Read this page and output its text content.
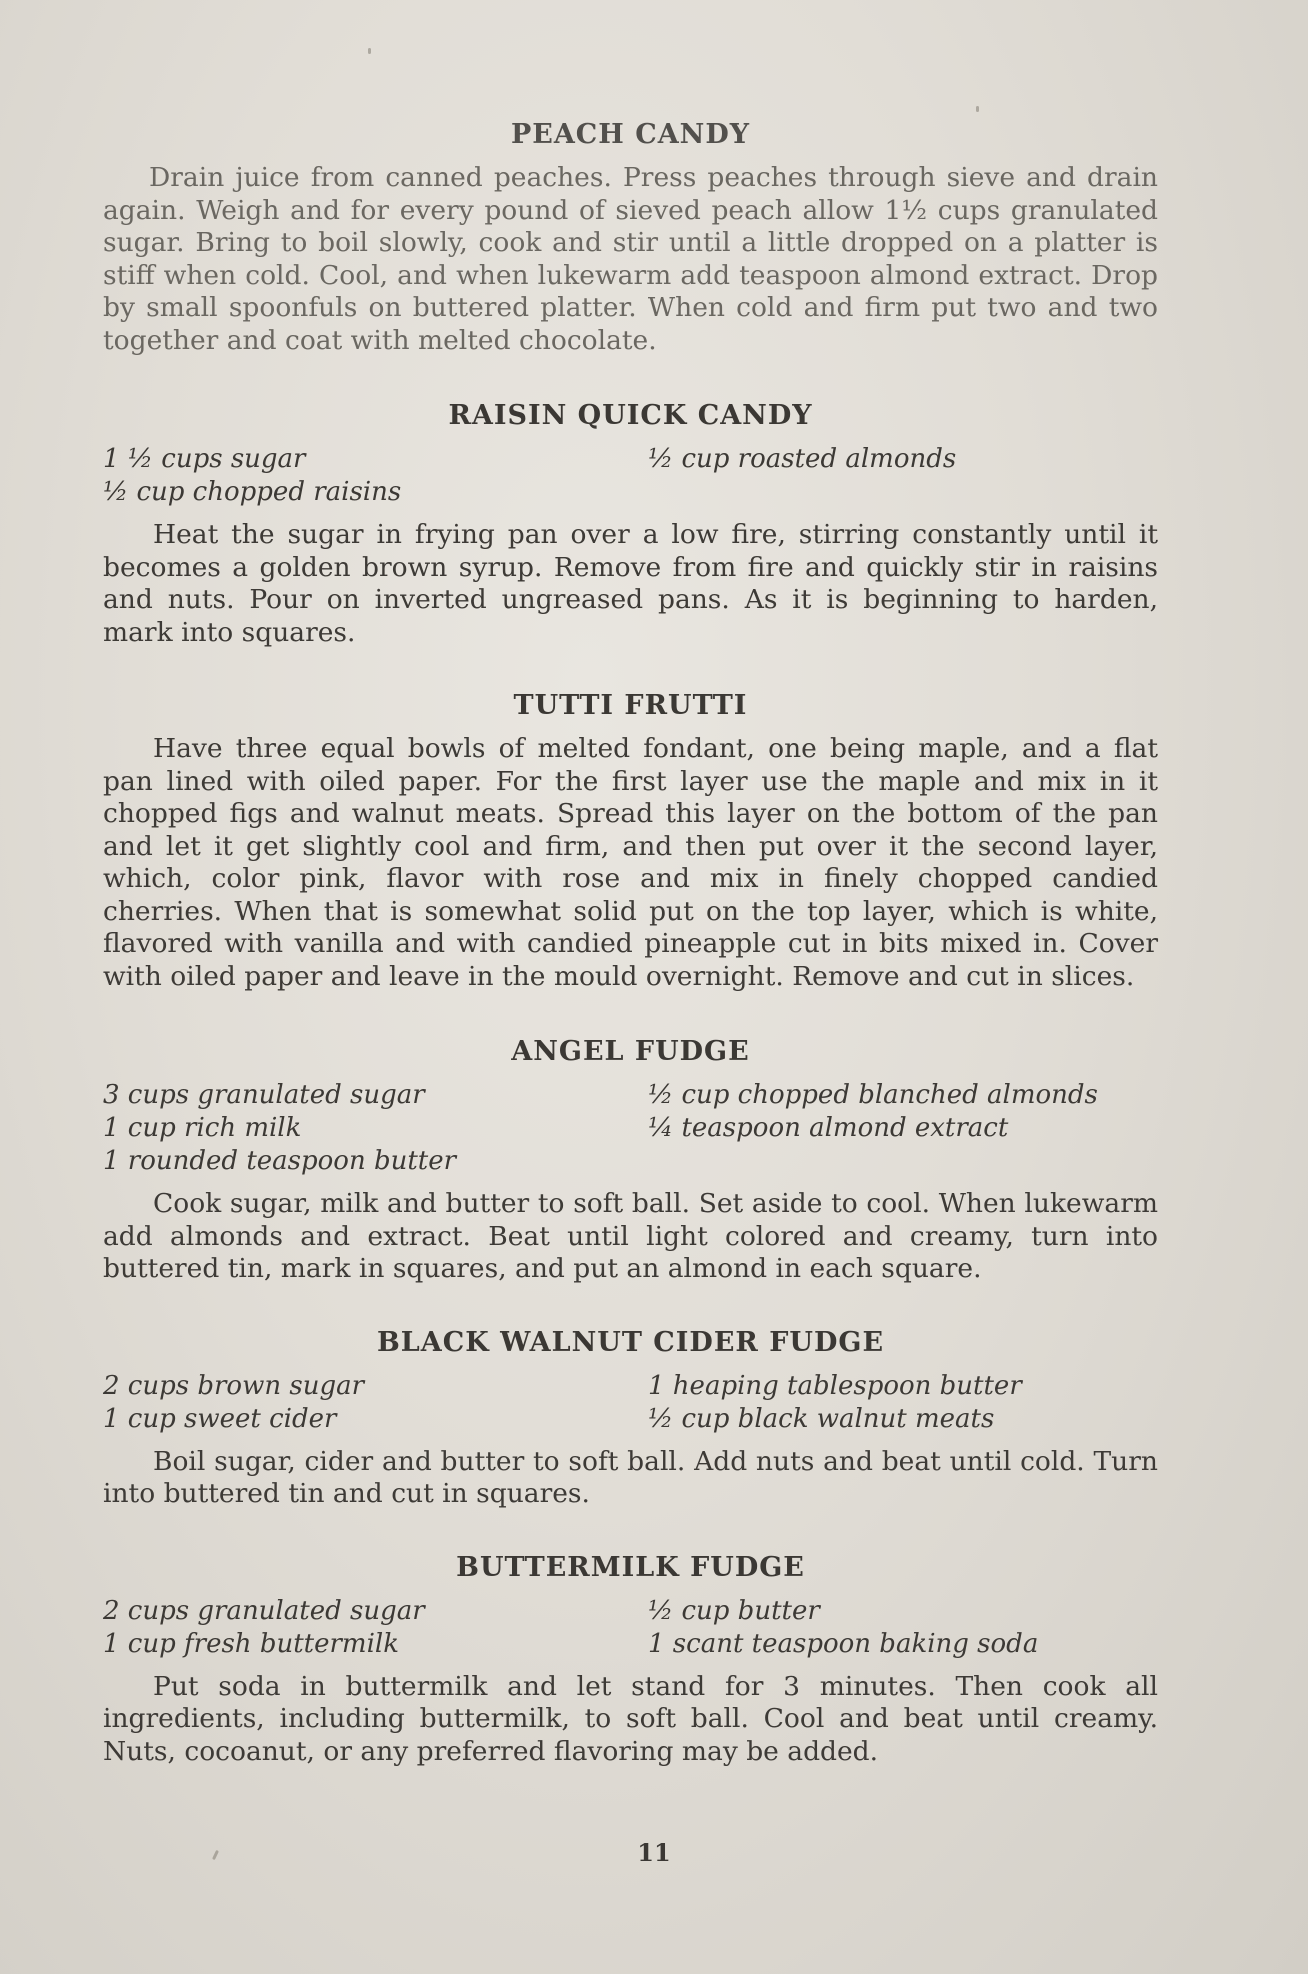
PEACH CANDY

Drain juice from canned peaches. Press peaches through sieve and drain again. Weigh and for every pound of sieved peach allow 1½ cups granulated sugar. Bring to boil slowly, cook and stir until a little dropped on a platter is stiff when cold. Cool, and when lukewarm add teaspoon almond extract. Drop by small spoonfuls on buttered platter. When cold and firm put two and two together and coat with melted chocolate.

RAISIN QUICK CANDY
1 ½ cups sugar
½ cup chopped raisins
½ cup roasted almonds

Heat the sugar in frying pan over a low fire, stirring constantly until it becomes a golden brown syrup. Remove from fire and quickly stir in raisins and nuts. Pour on inverted ungreased pans. As it is beginning to harden, mark into squares.

TUTTI FRUTTI

Have three equal bowls of melted fondant, one being maple, and a flat pan lined with oiled paper. For the first layer use the maple and mix in it chopped figs and walnut meats. Spread this layer on the bottom of the pan and let it get slightly cool and firm, and then put over it the second layer, which, color pink, flavor with rose and mix in finely chopped candied cherries. When that is somewhat solid put on the top layer, which is white, flavored with vanilla and with candied pineapple cut in bits mixed in. Cover with oiled paper and leave in the mould overnight. Remove and cut in slices.

ANGEL FUDGE
3 cups granulated sugar
1 cup rich milk
1 rounded teaspoon butter
½ cup chopped blanched almonds
¼ teaspoon almond extract

Cook sugar, milk and butter to soft ball. Set aside to cool. When lukewarm add almonds and extract. Beat until light colored and creamy, turn into buttered tin, mark in squares, and put an almond in each square.

BLACK WALNUT CIDER FUDGE
2 cups brown sugar
1 cup sweet cider
1 heaping tablespoon butter
½ cup black walnut meats

Boil sugar, cider and butter to soft ball. Add nuts and beat until cold. Turn into buttered tin and cut in squares.

BUTTERMILK FUDGE
2 cups granulated sugar
1 cup fresh buttermilk
½ cup butter
1 scant teaspoon baking soda

Put soda in buttermilk and let stand for 3 minutes. Then cook all ingredients, including buttermilk, to soft ball. Cool and beat until creamy. Nuts, cocoanut, or any preferred flavoring may be added.

11
